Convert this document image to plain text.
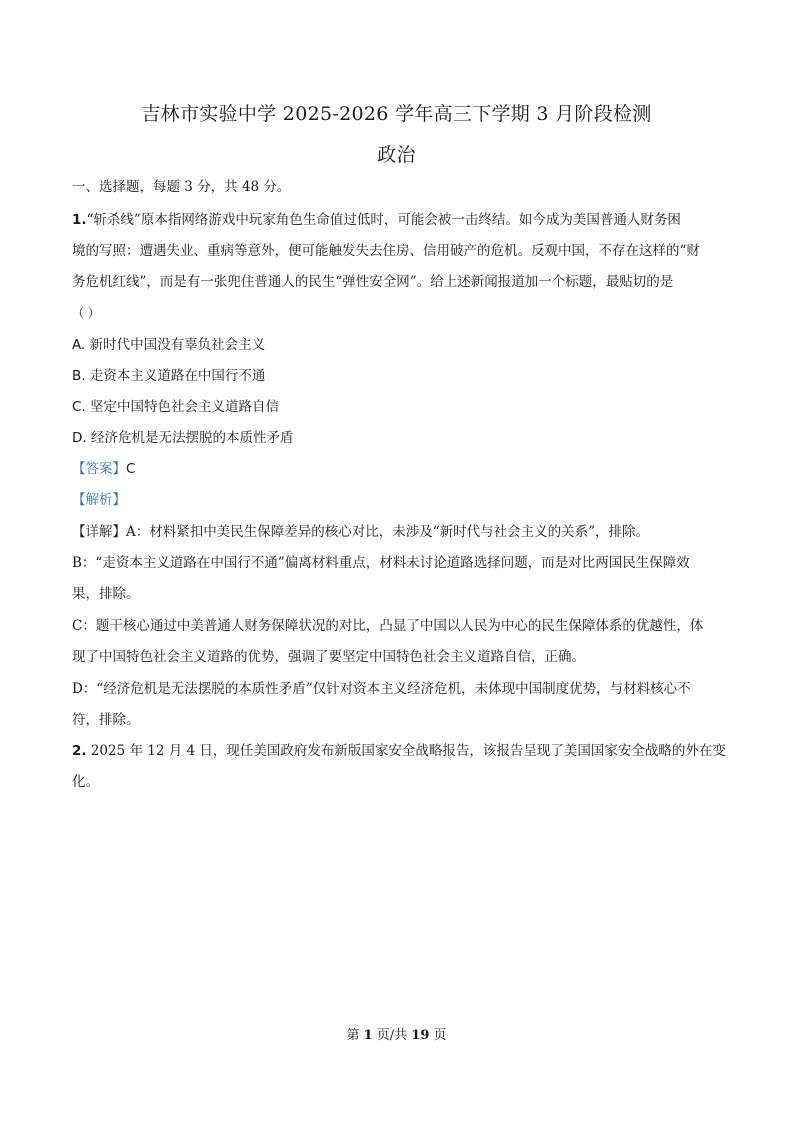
吉林市实验中学 2025-2026 学年高三下学期 3 月阶段检测
政治
一、选择题，每题 3 分，共 48 分。
1.“斩杀线”原本指网络游戏中玩家角色生命值过低时，可能会被一击终结。如今成为美国普通人财务困
境的写照：遭遇失业、重病等意外，便可能触发失去住房、信用破产的危机。反观中国，不存在这样的“财
务危机红线”，而是有一张兜住普通人的民生“弹性安全网”。给上述新闻报道加一个标题，最贴切的是
（ ）
A. 新时代中国没有辜负社会主义
B. 走资本主义道路在中国行不通
C. 坚定中国特色社会主义道路自信
D. 经济危机是无法摆脱的本质性矛盾
【答案】C
【解析】
【详解】A：材料紧扣中美民生保障差异的核心对比，未涉及“新时代与社会主义的关系”，排除。
B：“走资本主义道路在中国行不通”偏离材料重点，材料未讨论道路选择问题，而是对比两国民生保障效
果，排除。
C：题干核心通过中美普通人财务保障状况的对比，凸显了中国以人民为中心的民生保障体系的优越性，体
现了中国特色社会主义道路的优势，强调了要坚定中国特色社会主义道路自信，正确。
D：“经济危机是无法摆脱的本质性矛盾”仅针对资本主义经济危机，未体现中国制度优势，与材料核心不
符，排除。
2. 2025 年 12 月 4 日，现任美国政府发布新版国家安全战略报告，该报告呈现了美国国家安全战略的外在变
化。
第 1 页/共 19 页
